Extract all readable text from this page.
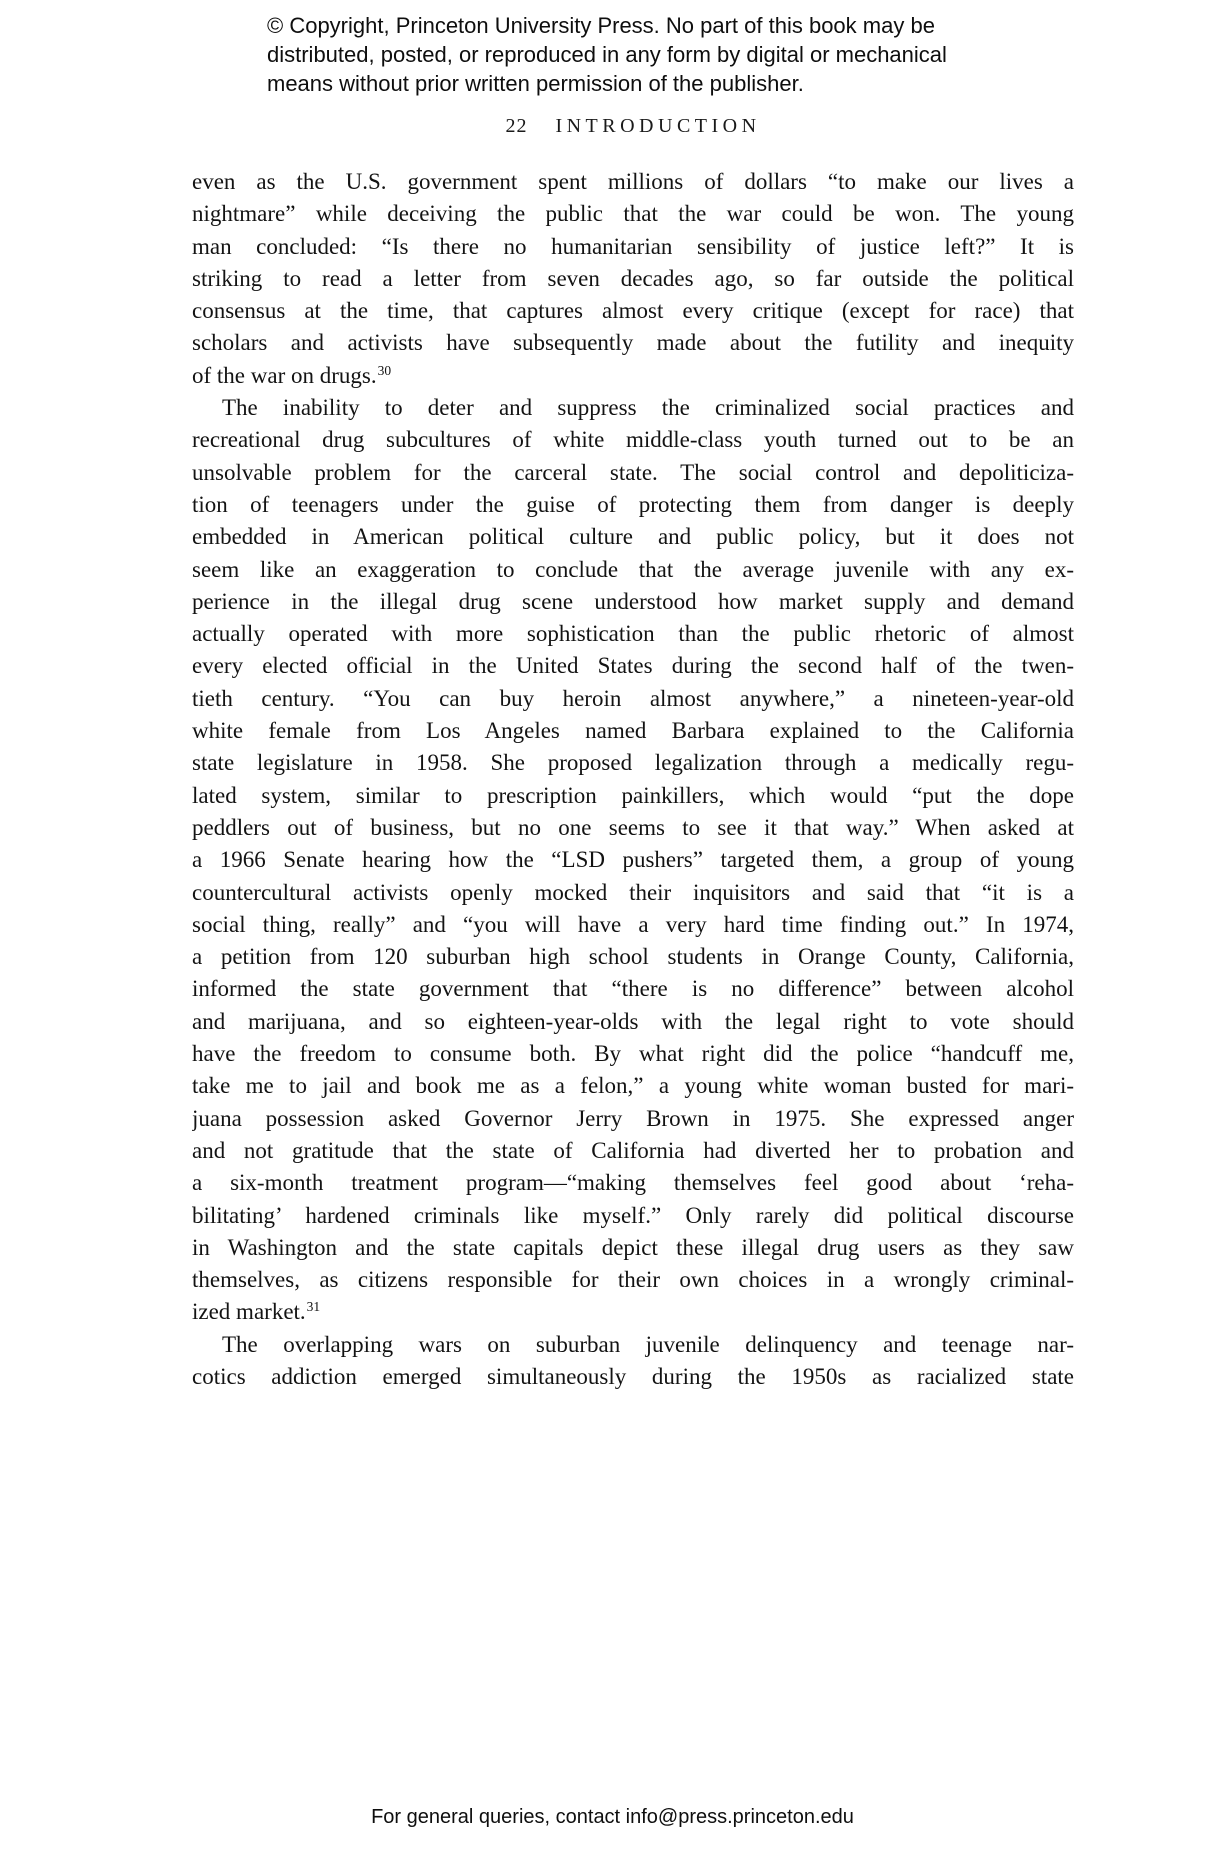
© Copyright, Princeton University Press. No part of this book may be
distributed, posted, or reproduced in any form by digital or mechanical
means without prior written permission of the publisher.
22 INTRODUCTION
even as the U.S. government spent millions of dollars “to make our lives a
nightmare” while deceiving the public that the war could be won. The young
man concluded: “Is there no humanitarian sensibility of justice left?” It is
striking to read a letter from seven decades ago, so far outside the political
consensus at the time, that captures almost every critique (except for race) that
scholars and activists have subsequently made about the futility and inequity
of the war on drugs.$^{30}$
The inability to deter and suppress the criminalized social practices and
recreational drug subcultures of white middle-class youth turned out to be an
unsolvable problem for the carceral state. The social control and depoliticiza-
tion of teenagers under the guise of protecting them from danger is deeply
embedded in American political culture and public policy, but it does not
seem like an exaggeration to conclude that the average juvenile with any ex-
perience in the illegal drug scene understood how market supply and demand
actually operated with more sophistication than the public rhetoric of almost
every elected official in the United States during the second half of the twen-
tieth century. “You can buy heroin almost anywhere,” a nineteen-year-old
white female from Los Angeles named Barbara explained to the California
state legislature in 1958. She proposed legalization through a medically regu-
lated system, similar to prescription painkillers, which would “put the dope
peddlers out of business, but no one seems to see it that way.” When asked at
a 1966 Senate hearing how the “LSD pushers” targeted them, a group of young
countercultural activists openly mocked their inquisitors and said that “it is a
social thing, really” and “you will have a very hard time finding out.” In 1974,
a petition from 120 suburban high school students in Orange County, California,
informed the state government that “there is no difference” between alcohol
and marijuana, and so eighteen-year-olds with the legal right to vote should
have the freedom to consume both. By what right did the police “handcuff me,
take me to jail and book me as a felon,” a young white woman busted for mari-
juana possession asked Governor Jerry Brown in 1975. She expressed anger
and not gratitude that the state of California had diverted her to probation and
a six-month treatment program—“making themselves feel good about ‘reha-
bilitating’ hardened criminals like myself.” Only rarely did political discourse
in Washington and the state capitals depict these illegal drug users as they saw
themselves, as citizens responsible for their own choices in a wrongly criminal-
ized market.$^{31}$
The overlapping wars on suburban juvenile delinquency and teenage nar-
cotics addiction emerged simultaneously during the 1950s as racialized state
For general queries, contact info@press.princeton.edu
